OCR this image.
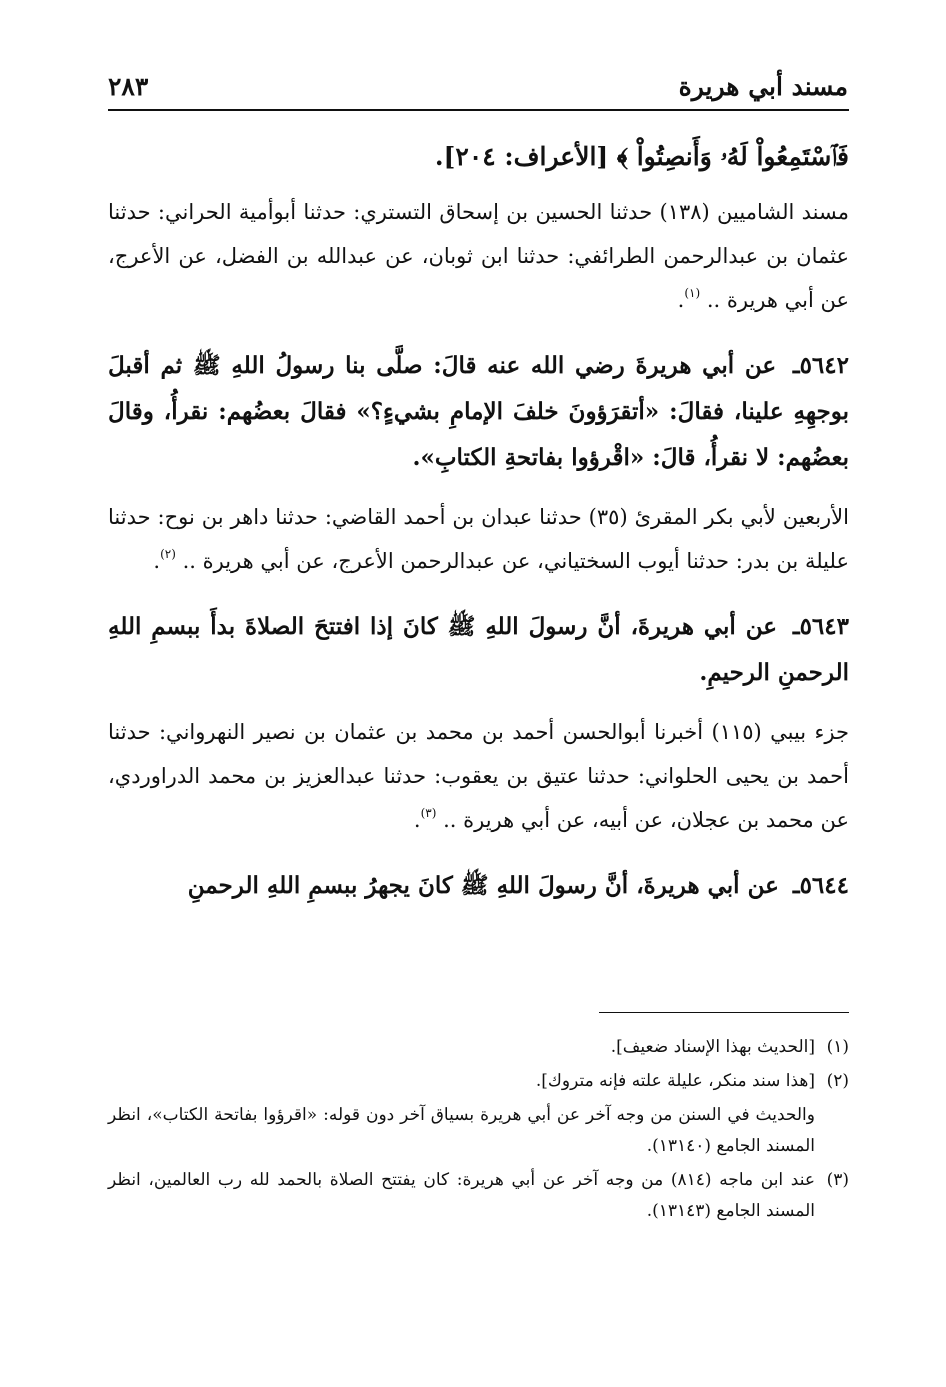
مسند أبي هريرة
٢٨٣

فَٱسْتَمِعُواْ لَهُۥ وَأَنصِتُواْ ﴾ [الأعراف: ٢٠٤].

مسند الشاميين (١٣٨) حدثنا الحسين بن إسحاق التستري: حدثنا أبوأمية الحراني: حدثنا عثمان بن عبدالرحمن الطرائفي: حدثنا ابن ثوبان، عن عبدالله بن الفضل، عن الأعرج، عن أبي هريرة .. $^{(١)}$.

٥٦٤٢ـ عن أبي هريرةَ رضي الله عنه قالَ: صلَّى بنا رسولُ اللهِ ﷺ ثم أقبلَ بوجهِهِ علينا، فقالَ: «أتقرَؤونَ خلفَ الإمامِ بشيءٍ؟» فقالَ بعضُهم: نقرأُ، وقالَ بعضُهم: لا نقرأُ، قالَ: «اقْرؤوا بفاتحةِ الكتابِ».

الأربعين لأبي بكر المقرئ (٣٥) حدثنا عبدان بن أحمد القاضي: حدثنا داهر بن نوح: حدثنا عليلة بن بدر: حدثنا أيوب السختياني، عن عبدالرحمن الأعرج، عن أبي هريرة .. $^{(٢)}$.

٥٦٤٣ـ عن أبي هريرةَ، أنَّ رسولَ اللهِ ﷺ كانَ إذا افتتحَ الصلاةَ بدأَ ببسمِ اللهِ الرحمنِ الرحيمِ.

جزء بيبي (١١٥) أخبرنا أبوالحسن أحمد بن محمد بن عثمان بن نصير النهرواني: حدثنا أحمد بن يحيى الحلواني: حدثنا عتيق بن يعقوب: حدثنا عبدالعزيز بن محمد الدراوردي، عن محمد بن عجلان، عن أبيه، عن أبي هريرة .. $^{(٣)}$.

٥٦٤٤ـ عن أبي هريرةَ، أنَّ رسولَ اللهِ ﷺ كانَ يجهرُ ببسمِ اللهِ الرحمنِ

(١)
[الحديث بهذا الإسناد ضعيف].
(٢)
[هذا سند منكر، عليلة علته فإنه متروك].
والحديث في السنن من وجه آخر عن أبي هريرة بسياق آخر دون قوله: «اقرؤوا بفاتحة الكتاب»، انظر المسند الجامع (١٣١٤٠).
(٣)
عند ابن ماجه (٨١٤) من وجه آخر عن أبي هريرة: كان يفتتح الصلاة بالحمد لله رب العالمين، انظر المسند الجامع (١٣١٤٣).
